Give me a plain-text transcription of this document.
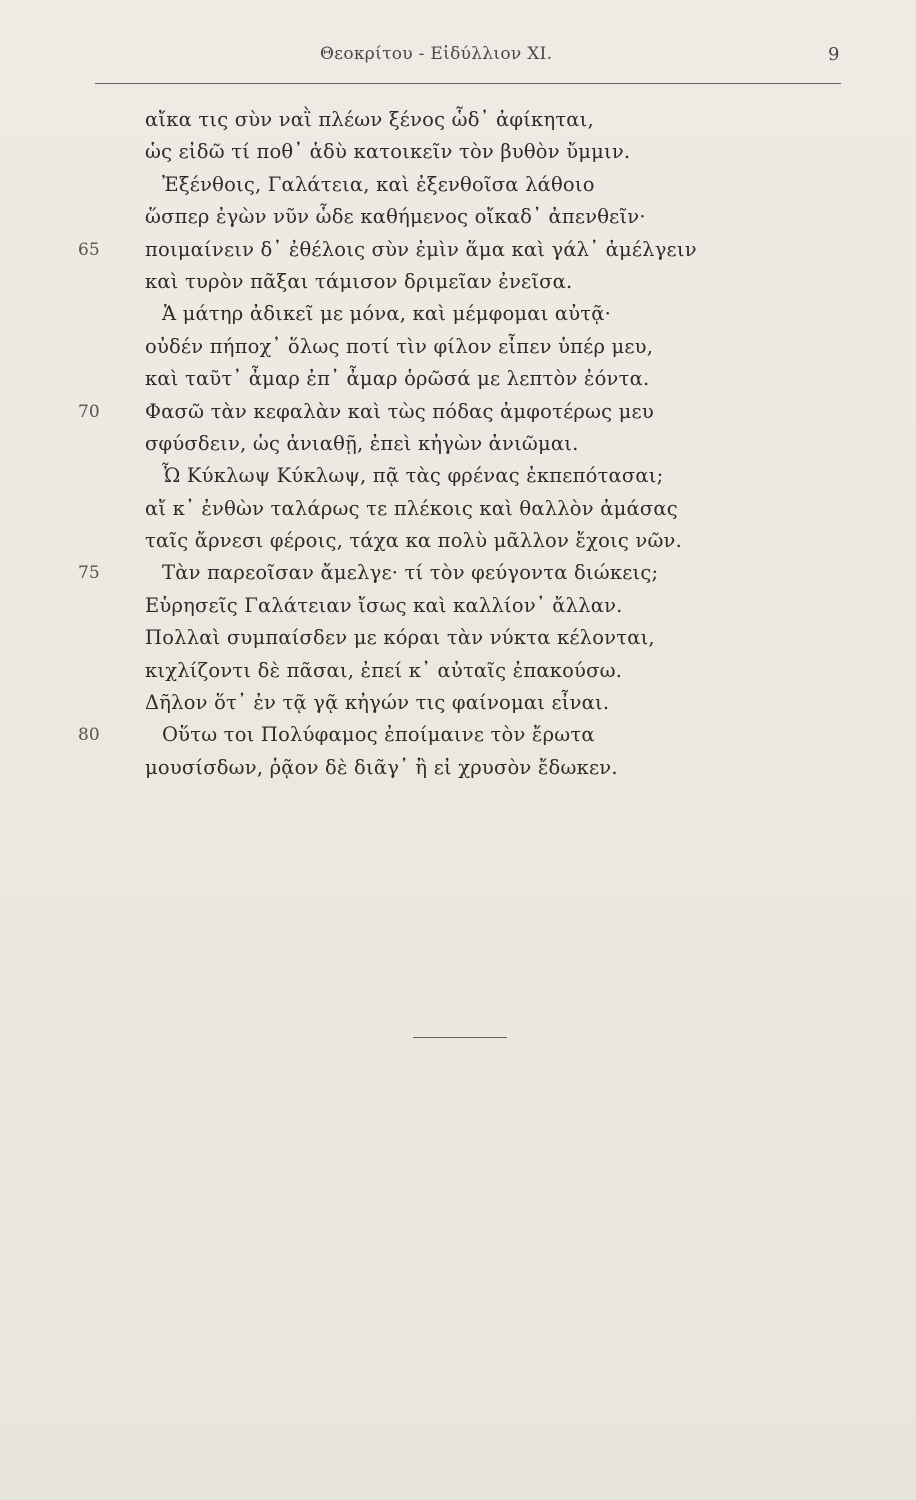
Θεοκρίτου - Εἰδύλλιον XI.	9
αἴκα τις σὺν ναῒ πλέων ξένος ὧδ᾽ ἀφίκηται,
ὡς εἰδῶ τί ποθ᾽ ἁδὺ κατοικεῖν τὸν βυθὸν ὔμμιν.
Ἐξένθοις, Γαλάτεια, καὶ ἐξενθοῖσα λάθοιο
ὥσπερ ἐγὼν νῦν ὧδε καθήμενος οἴκαδ᾽ ἀπενθεῖν·
65	ποιμαίνειν δ᾽ ἐθέλοις σὺν ἐμὶν ἅμα καὶ γάλ᾽ ἀμέλγειν
καὶ τυρὸν πᾶξαι τάμισον δριμεῖαν ἐνεῖσα.
Ἁ μάτηρ ἀδικεῖ με μόνα, καὶ μέμφομαι αὐτᾷ·
οὐδέν πήποχ᾽ ὅλως ποτί τὶν φίλον εἶπεν ὑπέρ μευ,
καὶ ταῦτ᾽ ἆμαρ ἐπ᾽ ἆμαρ ὁρῶσά με λεπτὸν ἐόντα.
70	Φασῶ τὰν κεφαλὰν καὶ τὼς πόδας ἀμφοτέρως μευ
σφύσδειν, ὡς ἀνιαθῇ, ἐπεὶ κἠγὼν ἀνιῶμαι.
Ὦ Κύκλωψ Κύκλωψ, πᾷ τὰς φρένας ἐκπεπότασαι;
αἴ κ᾽ ἐνθὼν ταλάρως τε πλέκοις καὶ θαλλὸν ἀμάσας
ταῖς ἄρνεσι φέροις, τάχα κα πολὺ μᾶλλον ἔχοις νῶν.
75	Τὰν παρεοῖσαν ἄμελγε· τί τὸν φεύγοντα διώκεις;
Εὑρησεῖς Γαλάτειαν ἴσως καὶ καλλίον᾽ ἄλλαν.
Πολλαὶ συμπαίσδεν με κόραι τὰν νύκτα κέλονται,
κιχλίζοντι δὲ πᾶσαι, ἐπεί κ᾽ αὐταῖς ἐπακούσω.
Δῆλον ὅτ᾽ ἐν τᾷ γᾷ κἠγών τις φαίνομαι εἶναι.
80	Οὕτω τοι Πολύφαμος ἐποίμαινε τὸν ἔρωτα
μουσίσδων, ῥᾷον δὲ διᾶγ᾽ ἢ εἰ χρυσὸν ἔδωκεν.
